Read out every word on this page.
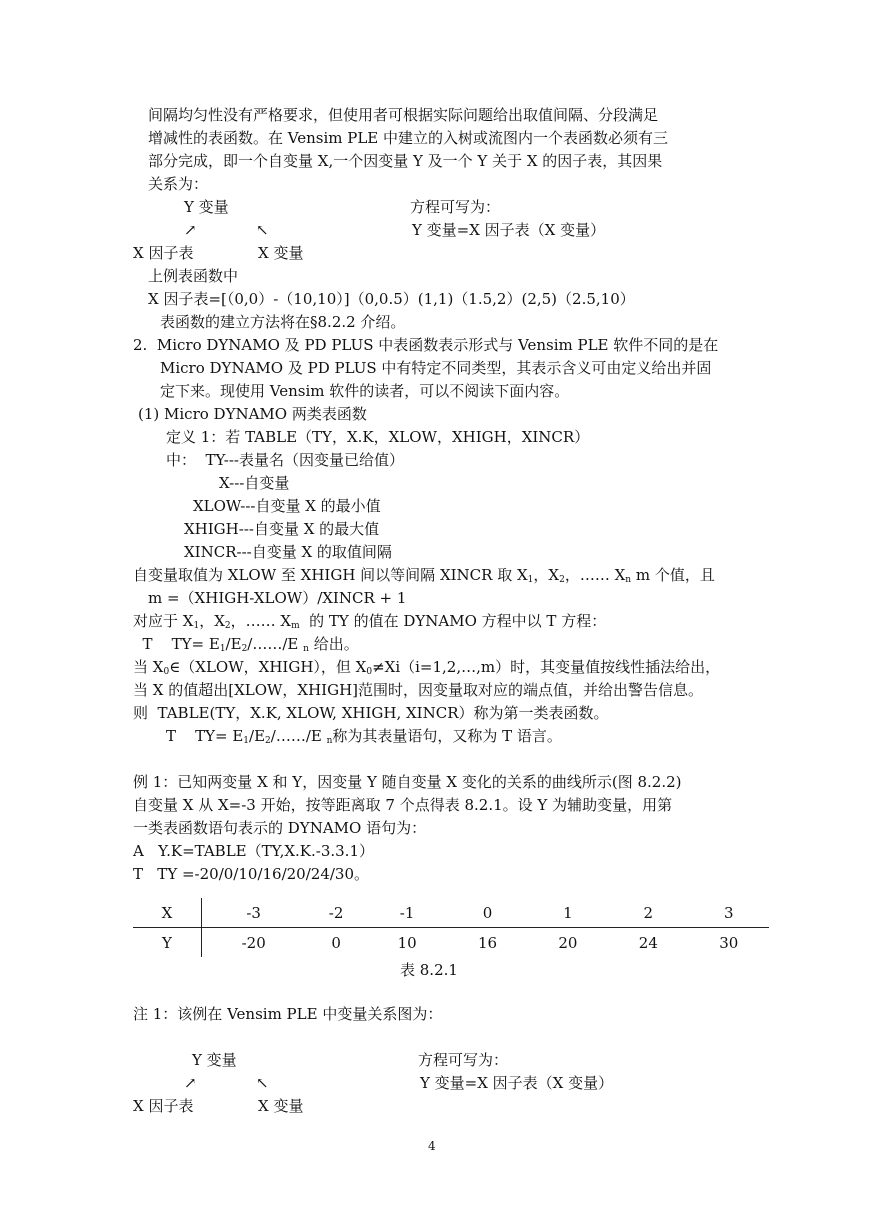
间隔均匀性没有严格要求，但使用者可根据实际问题给出取值间隔、分段满足
增减性的表函数。在 Vensim PLE 中建立的入树或流图内一个表函数必须有三
部分完成，即一个自变量 X,一个因变量 Y 及一个 Y 关于 X 的因子表，其因果
关系为：
Y 变量	方程可写为：
↗	↖	Y 变量=X 因子表（X 变量）
X 因子表	X 变量
上例表函数中
X 因子表=[（0,0）-（10,10）]（0,0.5）(1,1)（1.5,2）(2,5)（2.5,10）
表函数的建立方法将在§8.2.2 介绍。
2.  Micro DYNAMO 及 PD PLUS 中表函数表示形式与 Vensim PLE 软件不同的是在
Micro DYNAMO 及 PD PLUS 中有特定不同类型，其表示含义可由定义给出并固
定下来。现使用 Vensim 软件的读者，可以不阅读下面内容。
(1) Micro DYNAMO 两类表函数
定义 1：若 TABLE（TY，X.K，XLOW，XHIGH，XINCR）
中：  TY---表量名（因变量已给值）
X---自变量
XLOW---自变量 X 的最小值
XHIGH---自变量 X 的最大值
XINCR---自变量 X 的取值间隔
自变量取值为 XLOW 至 XHIGH 间以等间隔 XINCR 取 $X_1$，$X_2$，…… $X_n$ m 个值，且
m =（XHIGH-XLOW）/XINCR + 1
对应于 $X_1$，$X_2$，…… $X_m$  的 TY 的值在 DYNAMO 方程中以 T 方程：
T    $TY= E_1/E_2/\dots\dots/E$ $_n$ 给出。
当 $X_0\in(XLOW$，XHIGH），但 $X_0\ne Xi(i=1,2,\dots,m)$时，其变量值按线性插法给出，
当 X 的值超出[XLOW，XHIGH]范围时，因变量取对应的端点值，并给出警告信息。
则  TABLE(TY，X.K, XLOW, XHIGH, XINCR）称为第一类表函数。
T    $TY= E_1/E_2/\dots\dots/E$ $_n$称为其表量语句，又称为 T 语言。
例 1：已知两变量 X 和 Y，因变量 Y 随自变量 X 变化的关系的曲线所示(图 8.2.2)
自变量 X 从 X=-3 开始，按等距离取 7 个点得表 8.2.1。设 Y 为辅助变量，用第
一类表函数语句表示的 DYNAMO 语句为：
A   Y.K=TABLE（TY,X.K.-3.3.1）
T   TY =-20/0/10/16/20/24/30。
X	-3	-2	-1	0	1	2	3
Y	-20	0	10	16	20	24	30
表 8.2.1
注 1：该例在 Vensim PLE 中变量关系图为：
Y 变量	方程可写为：
↗	↖	Y 变量=X 因子表（X 变量）
X 因子表	X 变量
4
